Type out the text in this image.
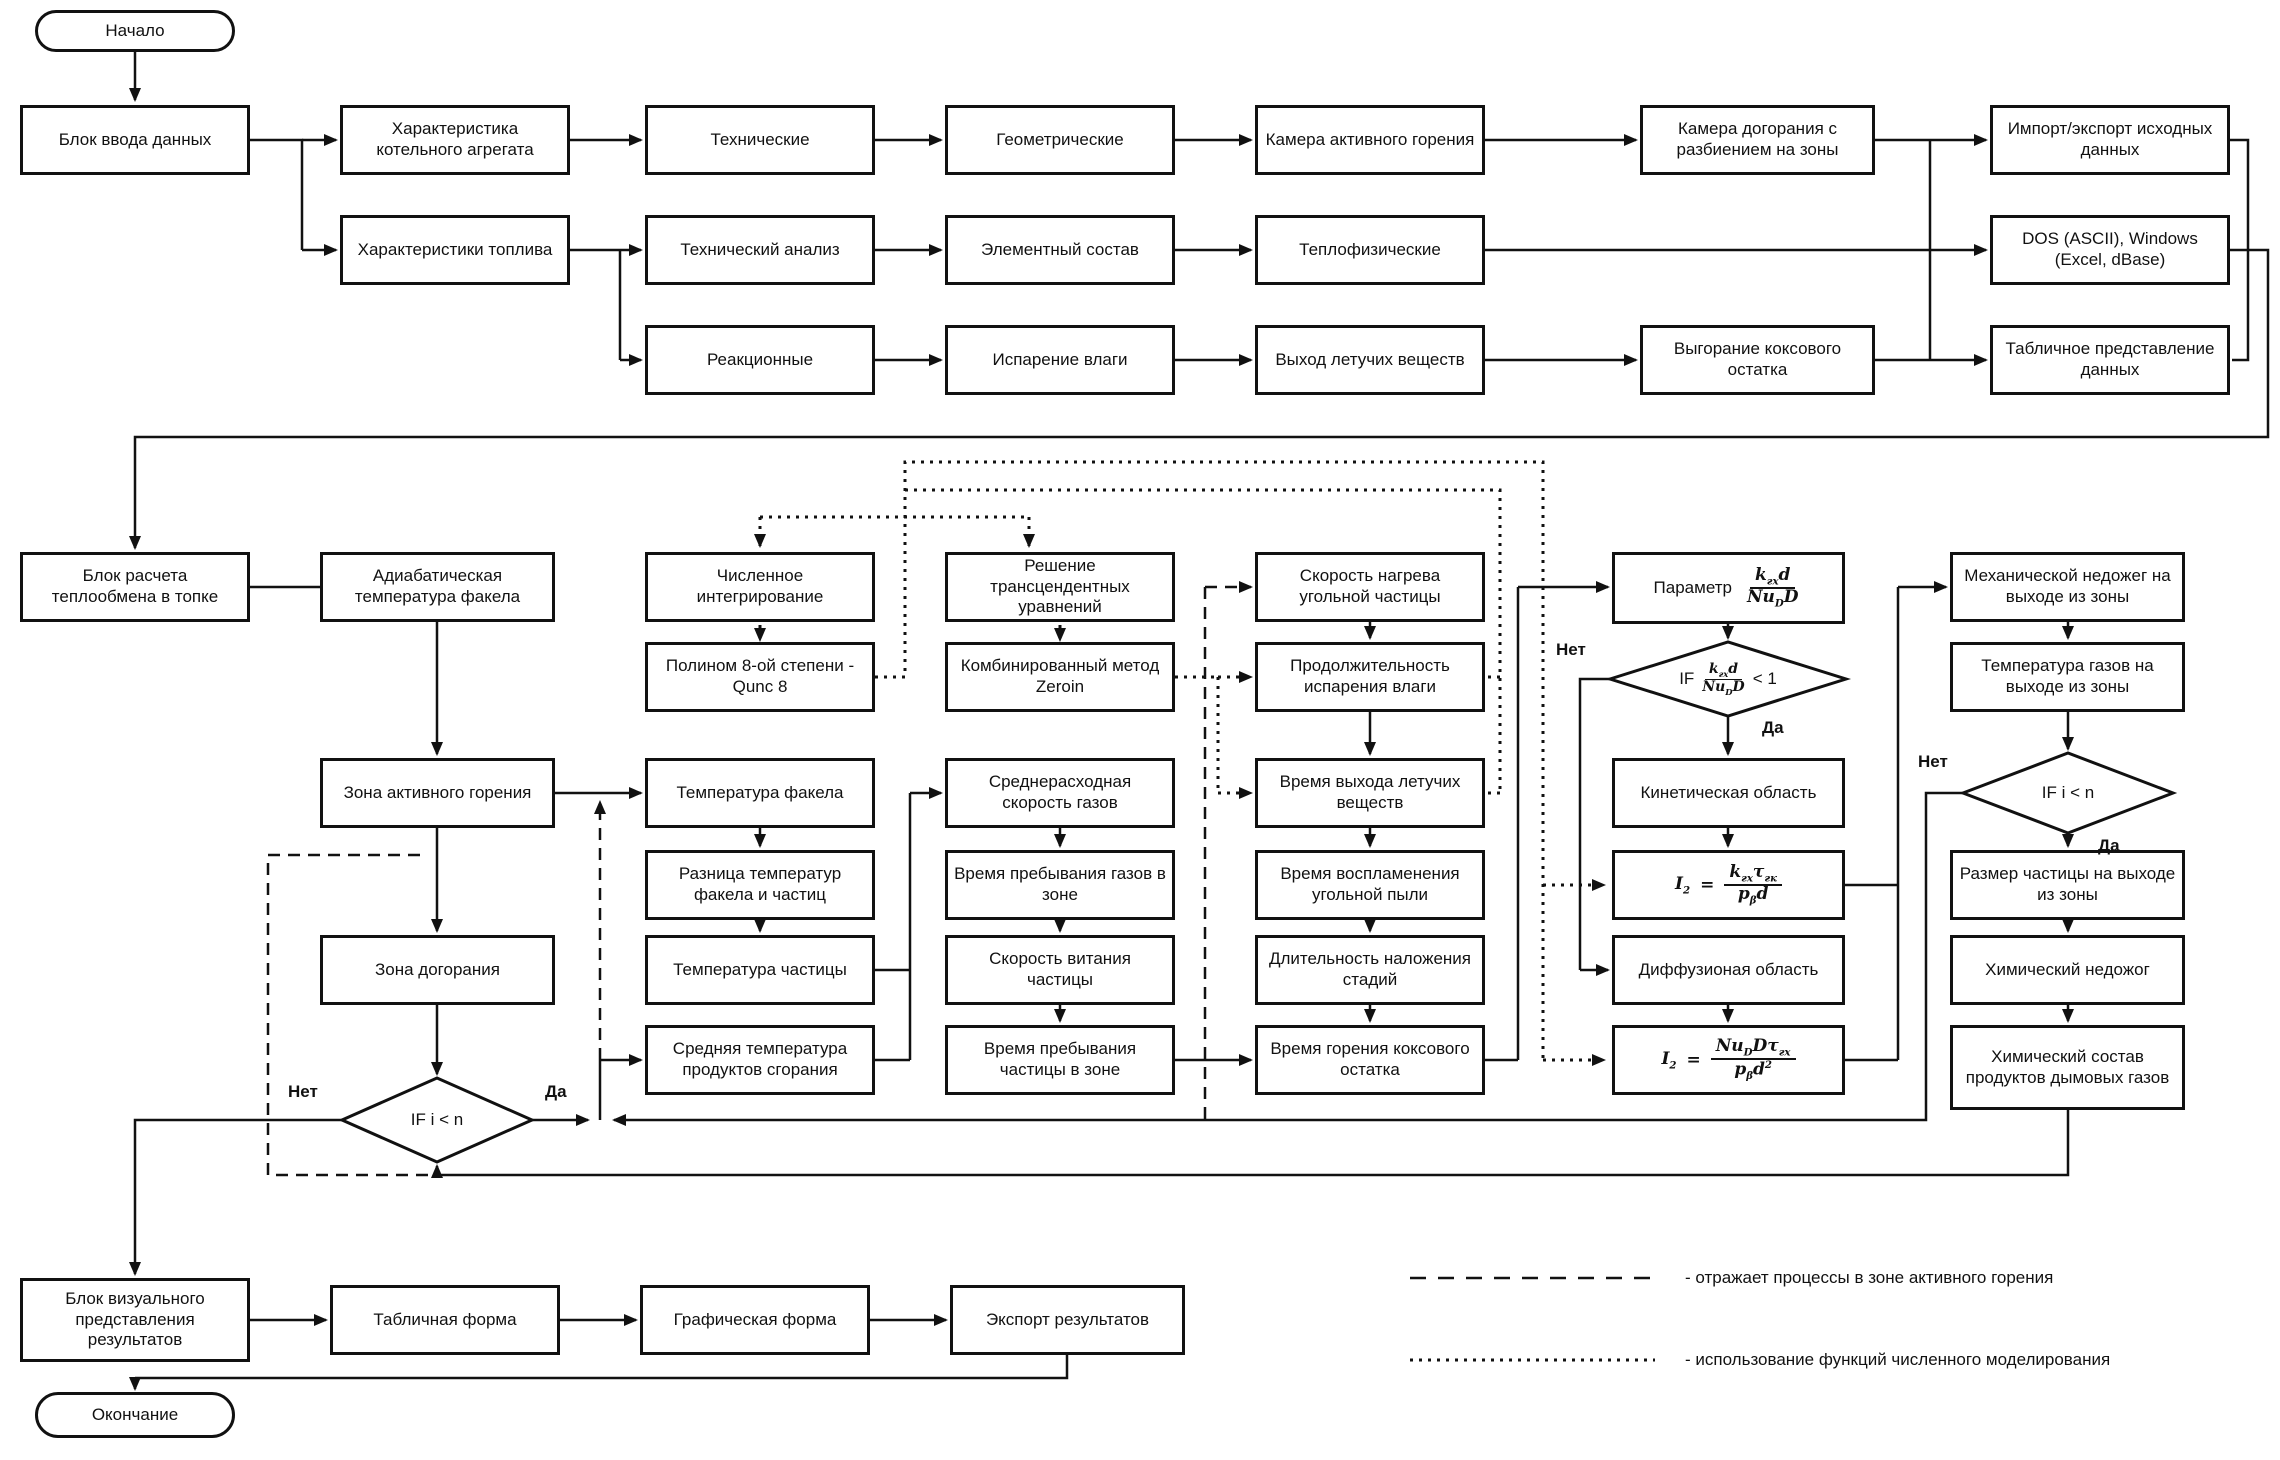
Начало
Блок ввода данных
Характеристика котельного агрегата
Характеристики топлива
Технические
Технический анализ
Реакционные
Геометрические
Элементный состав
Испарение влаги
Камера активного горения
Теплофизические
Выход летучих веществ
Камера догорания с разбиением на зоны
Выгорание коксового остатка
Импорт/экспорт исходных данных
DOS (ASCII), Windows (Excel, dBase)
Табличное представление данных
Блок расчета теплообмена в топке
Адиабатическая температура факела
Зона активного горения
Зона догорания
Численное интегрирование
Полином 8-ой степени - Qunc 8
Температура факела
Разница температур факела и частиц
Температура частицы
Средняя температура продуктов сгорания
Решение трансцендентных уравнений
Комбинированный метод Zeroin
Среднерасходная скорость газов
Время пребывания газов в зоне
Скорость витания частицы
Время пребывания частицы в зоне
Скорость нагрева угольной частицы
Продолжительность испарения влаги
Время выхода летучих веществ
Время воспламенения угольной пыли
Длительность наложения стадий
Время горения коксового остатка
Параметр $\frac{k_{гх}d}{Nu_DD}$
Кинетическая область
$I_2 = \frac{k_{гх}\tau_{гк}}{p_\beta d}$
Диффузионая область
$I_2 = \frac{Nu_DD\tau_{гх}}{p_\beta d^2}$
Механической недожег на выходе из зоны
Температура газов на выходе из зоны
Размер частицы на выходе из зоны
Химический недожог
Химический состав продуктов дымовых газов
Блок визуального представления результатов
Табличная форма	Графическая форма	Экспорт результатов
Окончание
IF i < n
IF i < n
IF $\frac{k_{гх}d}{Nu_DD} < 1$
Нет	Да
Нет
Да
Нет
Да
- отражает процессы в зоне активного горения
- использование функций численного моделирования
